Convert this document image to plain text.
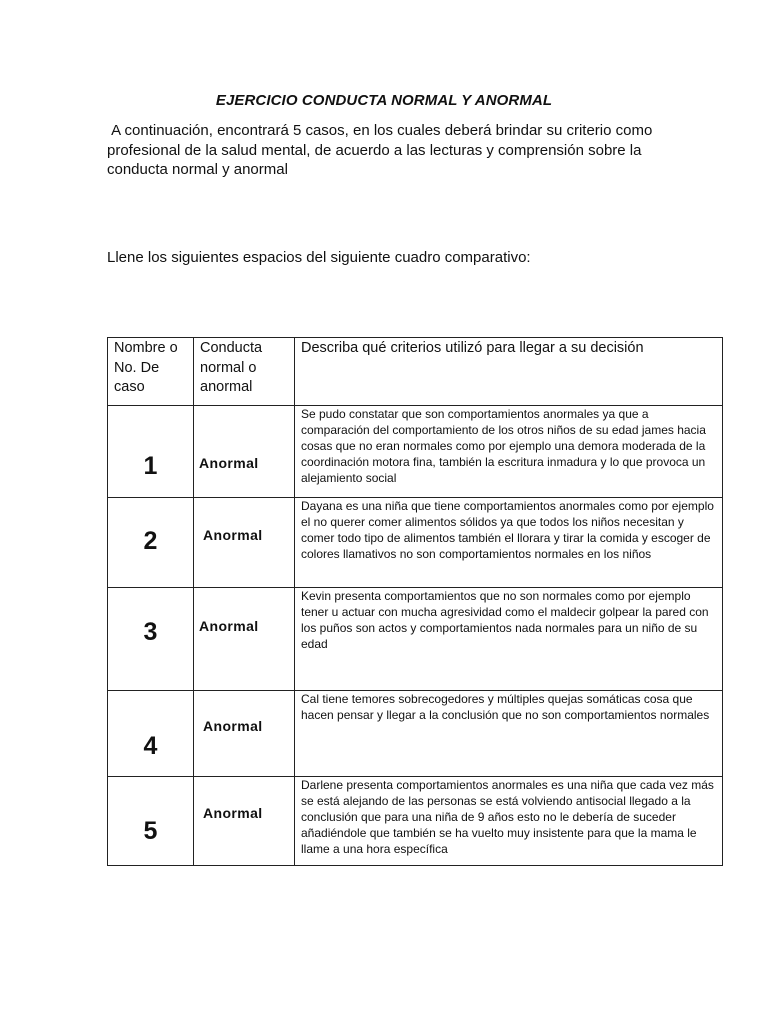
EJERCICIO CONDUCTA NORMAL Y ANORMAL
A continuación, encontrará 5 casos, en los cuales deberá brindar su criterio como profesional de la salud mental, de acuerdo a las lecturas y comprensión sobre la conducta normal y anormal
Llene los siguientes espacios del siguiente cuadro comparativo:
Nombre o No. De caso	Conducta normal o anormal	Describa qué criterios utilizó para llegar a su decisión

1	Anormal	Se pudo constatar que son comportamientos anormales ya que a comparación del comportamiento de los otros niños de su edad james hacia cosas que no eran normales como por ejemplo una demora moderada de la coordinación motora fina, también la escritura inmadura y lo que provoca un alejamiento social

2	Anormal	Dayana es una niña que tiene comportamientos anormales como por ejemplo el no querer comer alimentos sólidos ya que todos los niños necesitan y comer todo tipo de alimentos también el llorara y tirar la comida y escoger de colores llamativos no son comportamientos normales en los niños

3	Anormal	Kevin presenta comportamientos que no son normales como por ejemplo tener u actuar con mucha agresividad como el maldecir golpear la pared con los puños son actos y comportamientos nada normales para un niño de su edad

4	Anormal	Cal tiene temores sobrecogedores y múltiples quejas somáticas cosa que hacen pensar y llegar a la conclusión que no son comportamientos normales

5	Anormal	Darlene presenta comportamientos anormales es una niña que cada vez más se está alejando de las personas se está volviendo antisocial llegado a la conclusión que para una niña de 9 años esto no le debería de suceder añadiéndole que también se ha vuelto muy insistente para que la mama le llame a una hora específica
